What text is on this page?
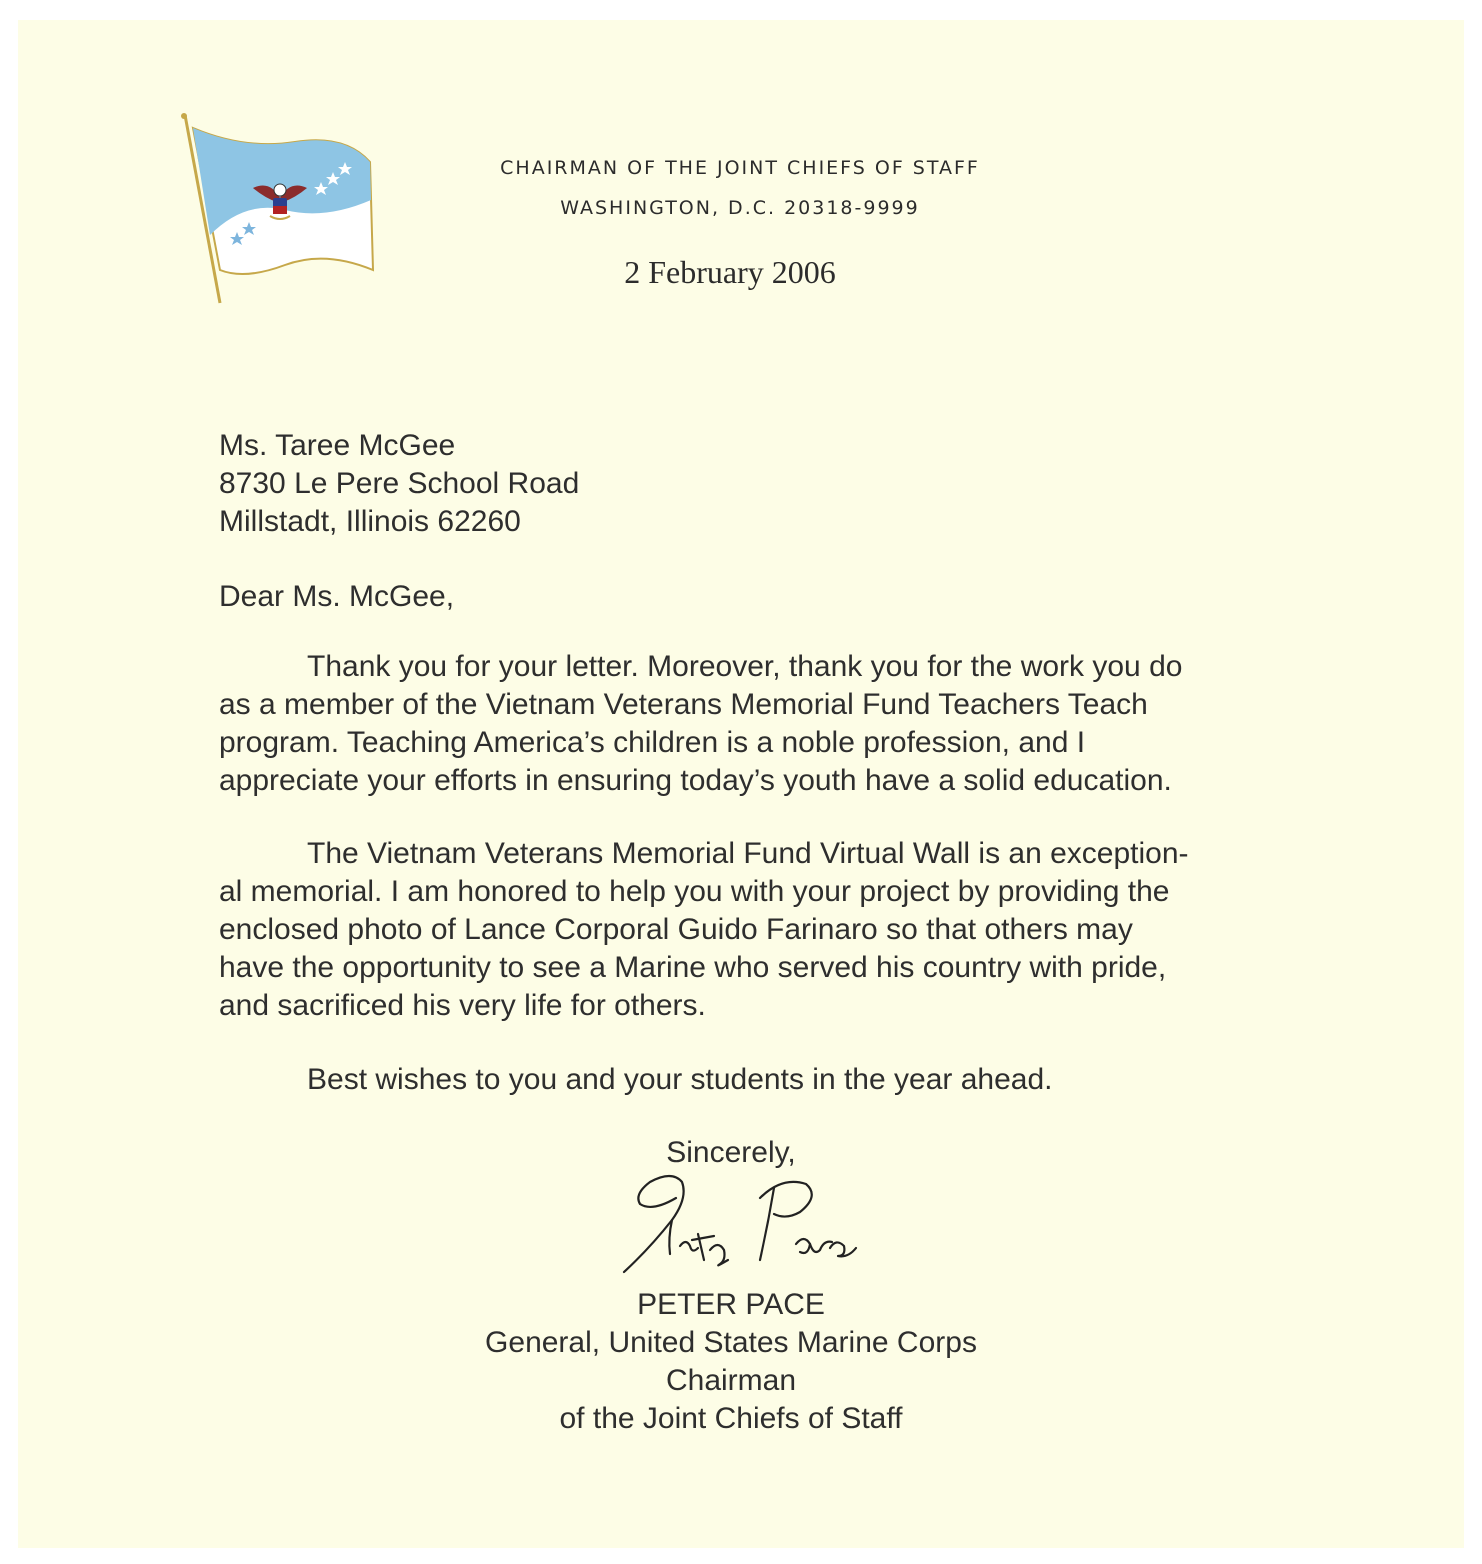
CHAIRMAN OF THE JOINT CHIEFS OF STAFF
WASHINGTON, D.C. 20318-9999
2 February 2006
Ms. Taree McGee
8730 Le Pere School Road
Millstadt, Illinois 62260
Dear Ms. McGee,
Thank you for your letter. Moreover, thank you for the work you do
as a member of the Vietnam Veterans Memorial Fund Teachers Teach
program. Teaching America’s children is a noble profession, and I
appreciate your efforts in ensuring today’s youth have a solid education.
The Vietnam Veterans Memorial Fund Virtual Wall is an exception-
al memorial. I am honored to help you with your project by providing the
enclosed photo of Lance Corporal Guido Farinaro so that others may
have the opportunity to see a Marine who served his country with pride,
and sacrificed his very life for others.
Best wishes to you and your students in the year ahead.
Sincerely,
PETER PACE
General, United States Marine Corps
Chairman
of the Joint Chiefs of Staff
